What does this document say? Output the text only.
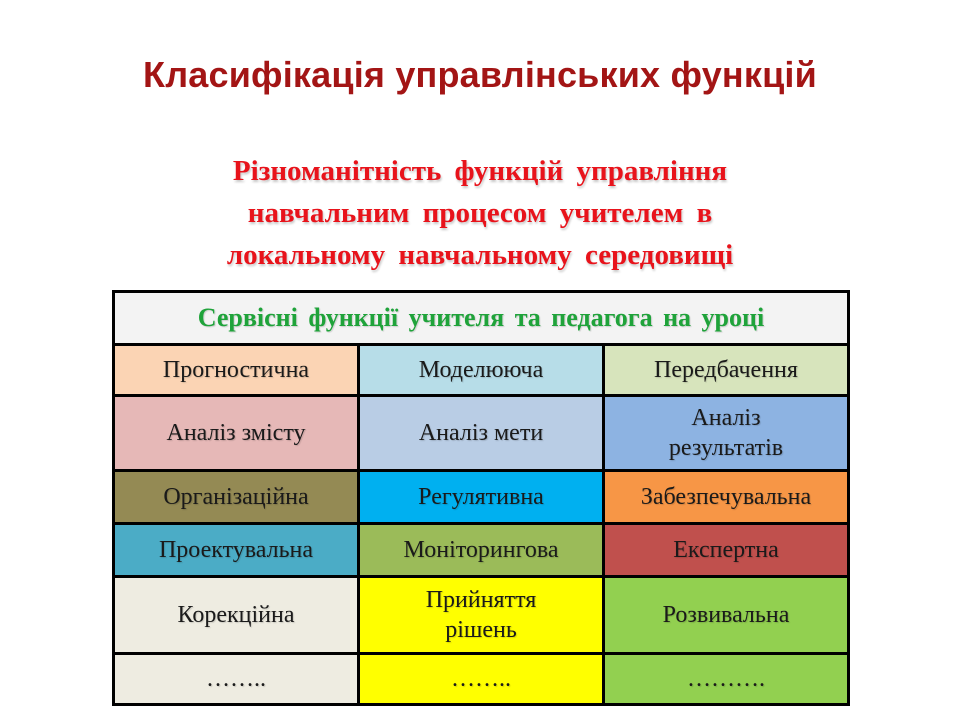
Класифікація управлінських функцій
Різноманітність функцій управління
навчальним процесом учителем в
локальному навчальному середовищі
Сервісні функції учителя та педагога на уроці		
Прогностична	Моделююча	Передбачення
Аналіз змісту	Аналіз мети	Аналіз результатів
Організаційна	Регулятивна	Забезпечувальна
Проектувальна	Моніторингова	Експертна
Корекційна	Прийняття рішень	Розвивальна
……..	……..	……….
